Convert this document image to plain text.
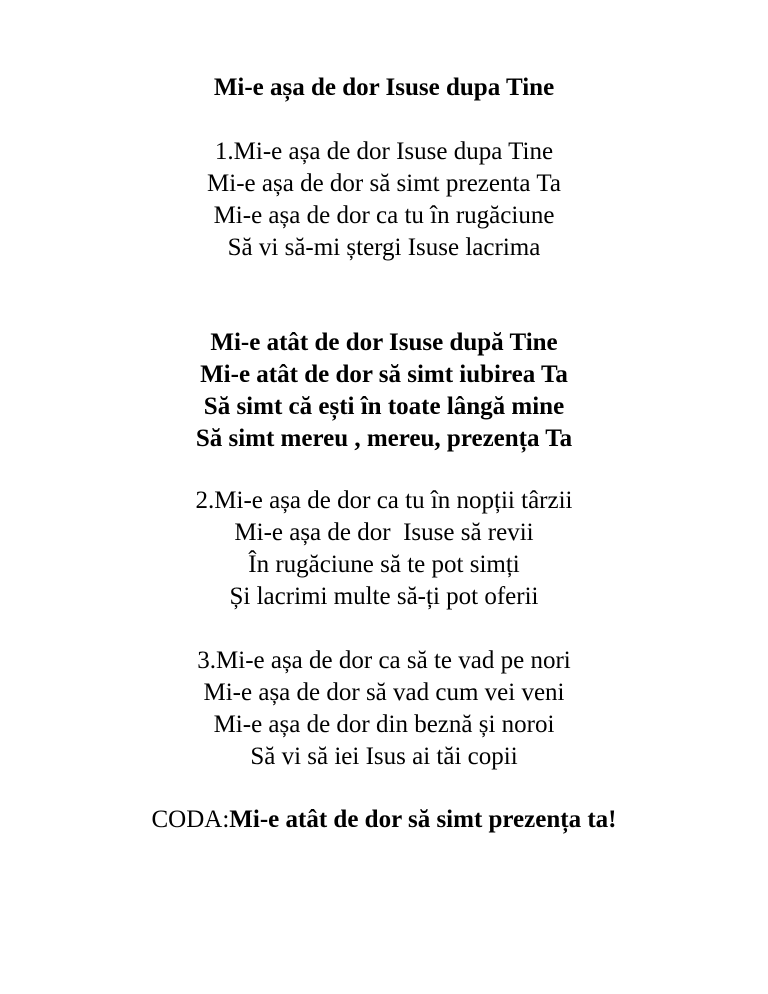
Mi-e așa de dor Isuse dupa Tine
1.Mi-e așa de dor Isuse dupa Tine
Mi-e așa de dor să simt prezenta Ta
Mi-e așa de dor ca tu în rugăciune
Să vi să-mi ștergi Isuse lacrima
Mi-e atât de dor Isuse după Tine
Mi-e atât de dor să simt iubirea Ta
Să simt că ești în toate lângă mine
Să simt mereu , mereu, prezența Ta
2.Mi-e așa de dor ca tu în nopții târzii
Mi-e așa de dor  Isuse să revii
În rugăciune să te pot simți
Și lacrimi multe să-ți pot oferii
3.Mi-e așa de dor ca să te vad pe nori
Mi-e așa de dor să vad cum vei veni
Mi-e așa de dor din beznă și noroi
Să vi să iei Isus ai tăi copii
CODA:Mi-e atât de dor să simt prezența ta!
